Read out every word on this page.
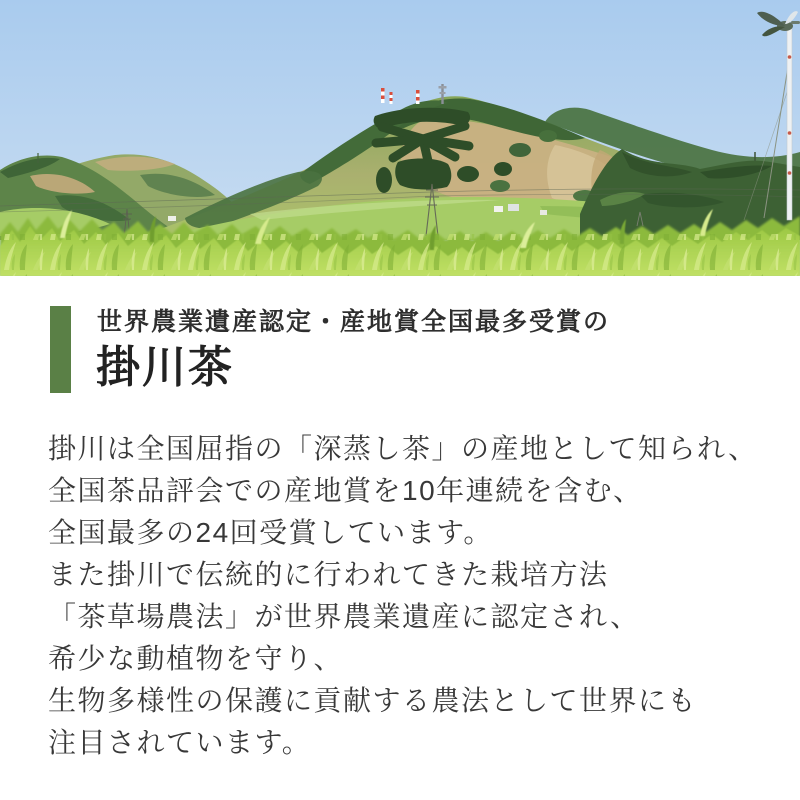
世界農業遺産認定・産地賞全国最多受賞の

掛川茶

掛川は全国屈指の「深蒸し茶」の産地として知られ、

全国茶品評会での産地賞を10年連続を含む、

全国最多の24回受賞しています。

また掛川で伝統的に行われてきた栽培方法

「茶草場農法」が世界農業遺産に認定され、

希少な動植物を守り、

生物多様性の保護に貢献する農法として世界にも

注目されています。
